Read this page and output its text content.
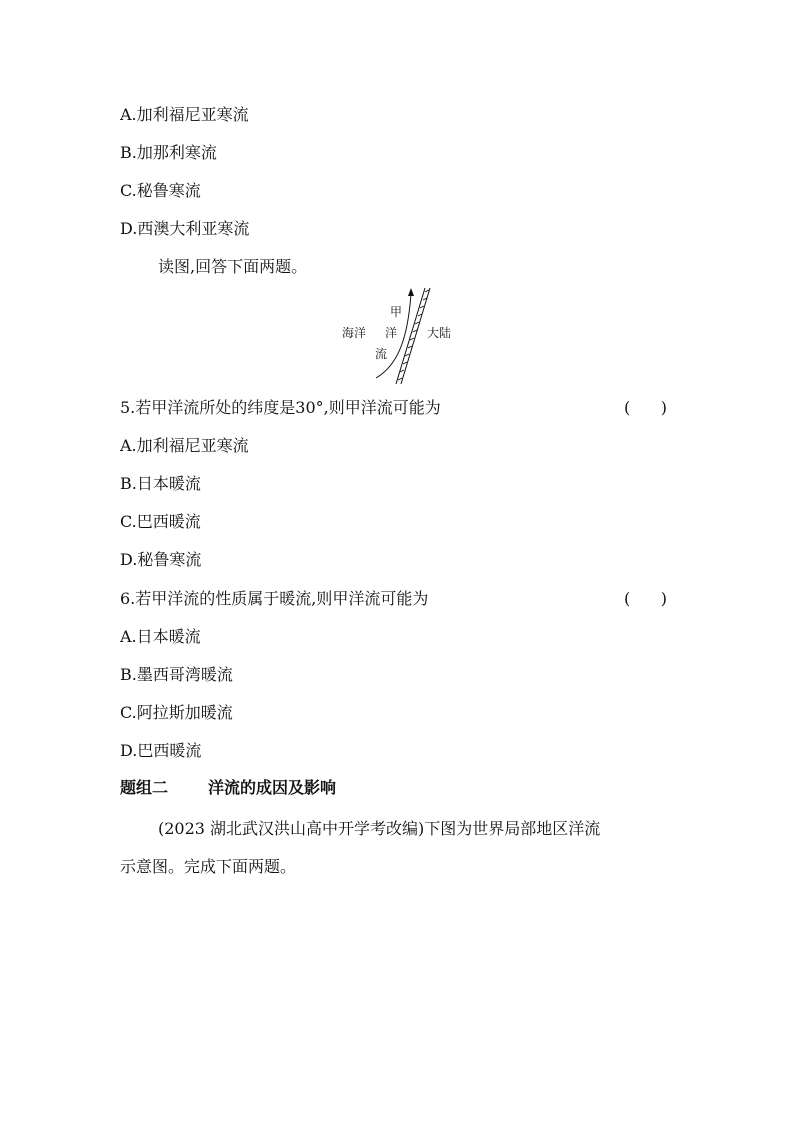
A.加利福尼亚寒流
B.加那利寒流
C.秘鲁寒流
D.西澳大利亚寒流
读图,回答下面两题。
海洋
甲
洋
流
大陆
5.若甲洋流所处的纬度是30°,则甲洋流可能为	(      )
A.加利福尼亚寒流
B.日本暖流
C.巴西暖流
D.秘鲁寒流
6.若甲洋流的性质属于暖流,则甲洋流可能为	(      )
A.日本暖流
B.墨西哥湾暖流
C.阿拉斯加暖流
D.巴西暖流
题组二	洋流的成因及影响
(2023 湖北武汉洪山高中开学考改编)下图为世界局部地区洋流
示意图。完成下面两题。
